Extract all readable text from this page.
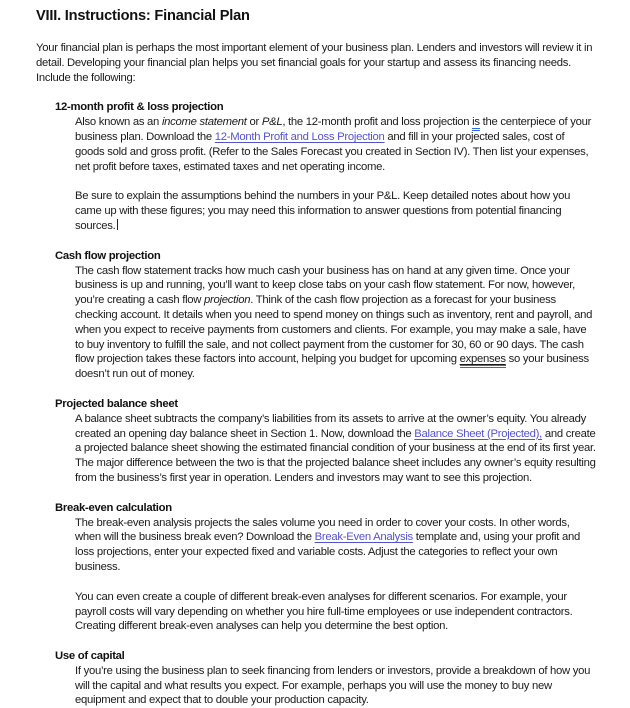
VIII. Instructions: Financial Plan

Your financial plan is perhaps the most important element of your business plan. Lenders and investors will review it in detail. Developing your financial plan helps you set financial goals for your startup and assess its financing needs. Include the following:

12-month profit & loss projection

Also known as an income statement or P&L, the 12-month profit and loss projection is the centerpiece of your business plan. Download the 12-Month Profit and Loss Projection and fill in your projected sales, cost of goods sold and gross profit. (Refer to the Sales Forecast you created in Section IV). Then list your expenses, net profit before taxes, estimated taxes and net operating income.

Be sure to explain the assumptions behind the numbers in your P&L. Keep detailed notes about how you came up with these figures; you may need this information to answer questions from potential financing sources.

Cash flow projection

The cash flow statement tracks how much cash your business has on hand at any given time. Once your business is up and running, you’ll want to keep close tabs on your cash flow statement. For now, however, you’re creating a cash flow projection. Think of the cash flow projection as a forecast for your business checking account. It details when you need to spend money on things such as inventory, rent and payroll, and when you expect to receive payments from customers and clients. For example, you may make a sale, have to buy inventory to fulfill the sale, and not collect payment from the customer for 30, 60 or 90 days. The cash flow projection takes these factors into account, helping you budget for upcoming expenses so your business doesn’t run out of money.

Projected balance sheet

A balance sheet subtracts the company’s liabilities from its assets to arrive at the owner’s equity. You already created an opening day balance sheet in Section 1. Now, download the Balance Sheet (Projected), and create a projected balance sheet showing the estimated financial condition of your business at the end of its first year. The major difference between the two is that the projected balance sheet includes any owner’s equity resulting from the business’s first year in operation. Lenders and investors may want to see this projection.

Break-even calculation

The break-even analysis projects the sales volume you need in order to cover your costs. In other words, when will the business break even? Download the Break-Even Analysis template and, using your profit and loss projections, enter your expected fixed and variable costs. Adjust the categories to reflect your own business.

You can even create a couple of different break-even analyses for different scenarios. For example, your payroll costs will vary depending on whether you hire full-time employees or use independent contractors. Creating different break-even analyses can help you determine the best option.

Use of capital

If you’re using the business plan to seek financing from lenders or investors, provide a breakdown of how you will the capital and what results you expect. For example, perhaps you will use the money to buy new equipment and expect that to double your production capacity.
